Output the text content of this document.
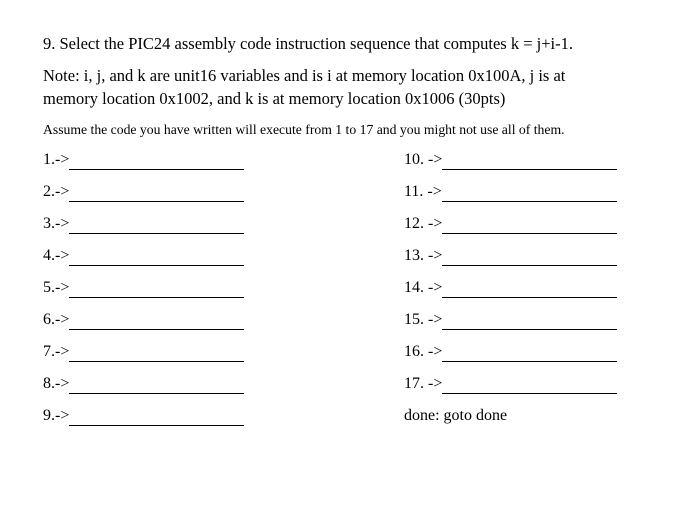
9. Select the PIC24 assembly code instruction sequence that computes k = j+i-1.
Note: i, j, and k are unit16 variables and is i at memory location 0x100A, j is at
memory location 0x1002, and k is at memory location 0x1006 (30pts)
Assume the code you have written will execute from 1 to 17 and you might not use all of them.
1.->
2.->
3.->
4.->
5.->
6.->
7.->
8.->
9.->
10. ->
11. ->
12. ->
13. ->
14. ->
15. ->
16. ->
17. ->
done: goto done
